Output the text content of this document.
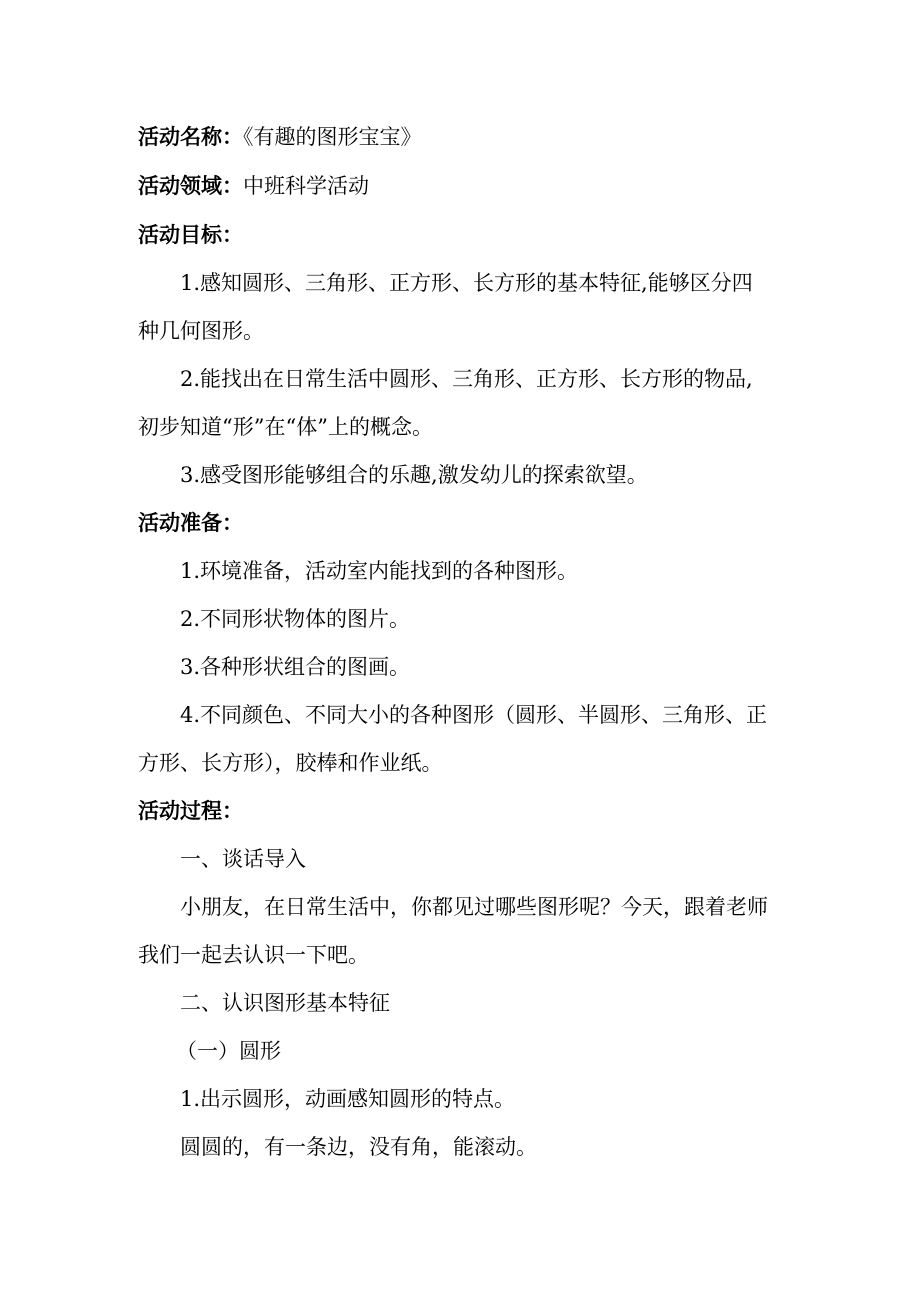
活动名称：《有趣的图形宝宝》
活动领域：中班科学活动
活动目标：
1.感知圆形、三角形、正方形、长方形的基本特征,能够区分四
种几何图形。
2.能找出在日常生活中圆形、三角形、正方形、长方形的物品,
初步知道“形”在“体”上的概念。
3.感受图形能够组合的乐趣,激发幼儿的探索欲望。
活动准备：
1.环境准备，活动室内能找到的各种图形。
2.不同形状物体的图片。
3.各种形状组合的图画。
4.不同颜色、不同大小的各种图形（圆形、半圆形、三角形、正
方形、长方形），胶棒和作业纸。
活动过程：
一、谈话导入
小朋友，在日常生活中，你都见过哪些图形呢？今天，跟着老师
我们一起去认识一下吧。
二、认识图形基本特征
（一）圆形
1.出示圆形，动画感知圆形的特点。
圆圆的，有一条边，没有角，能滚动。
